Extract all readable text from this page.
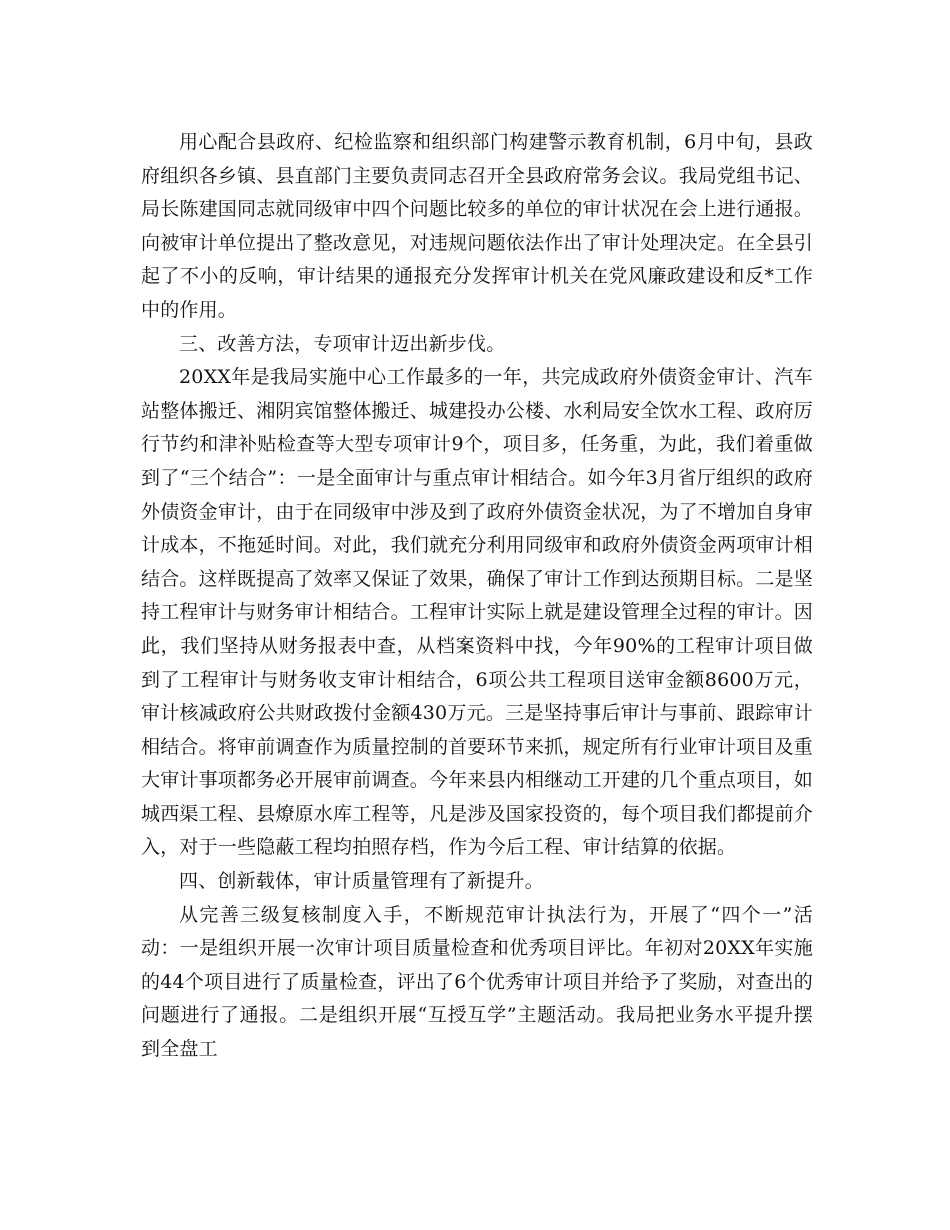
用心配合县政府、纪检监察和组织部门构建警示教育机制，6月中旬，县政府组织各乡镇、县直部门主要负责同志召开全县政府常务会议。我局党组书记、局长陈建国同志就同级审中四个问题比较多的单位的审计状况在会上进行通报。向被审计单位提出了整改意见，对违规问题依法作出了审计处理决定。在全县引起了不小的反响，审计结果的通报充分发挥审计机关在党风廉政建设和反*工作中的作用。

三、改善方法，专项审计迈出新步伐。

20XX年是我局实施中心工作最多的一年，共完成政府外债资金审计、汽车站整体搬迁、湘阴宾馆整体搬迁、城建投办公楼、水利局安全饮水工程、政府厉行节约和津补贴检查等大型专项审计9个，项目多，任务重，为此，我们着重做到了“三个结合”：一是全面审计与重点审计相结合。如今年3月省厅组织的政府外债资金审计，由于在同级审中涉及到了政府外债资金状况，为了不增加自身审计成本，不拖延时间。对此，我们就充分利用同级审和政府外债资金两项审计相结合。这样既提高了效率又保证了效果，确保了审计工作到达预期目标。二是坚持工程审计与财务审计相结合。工程审计实际上就是建设管理全过程的审计。因此，我们坚持从财务报表中查，从档案资料中找，今年90%的工程审计项目做到了工程审计与财务收支审计相结合，6项公共工程项目送审金额8600万元，审计核减政府公共财政拨付金额430万元。三是坚持事后审计与事前、跟踪审计相结合。将审前调查作为质量控制的首要环节来抓，规定所有行业审计项目及重大审计事项都务必开展审前调查。今年来县内相继动工开建的几个重点项目，如城西渠工程、县燎原水库工程等，凡是涉及国家投资的，每个项目我们都提前介入，对于一些隐蔽工程均拍照存档，作为今后工程、审计结算的依据。

四、创新载体，审计质量管理有了新提升。

从完善三级复核制度入手，不断规范审计执法行为，开展了“四个一”活动：一是组织开展一次审计项目质量检查和优秀项目评比。年初对20XX年实施的44个项目进行了质量检查，评出了6个优秀审计项目并给予了奖励，对查出的问题进行了通报。二是组织开展“互授互学”主题活动。我局把业务水平提升摆到全盘工
